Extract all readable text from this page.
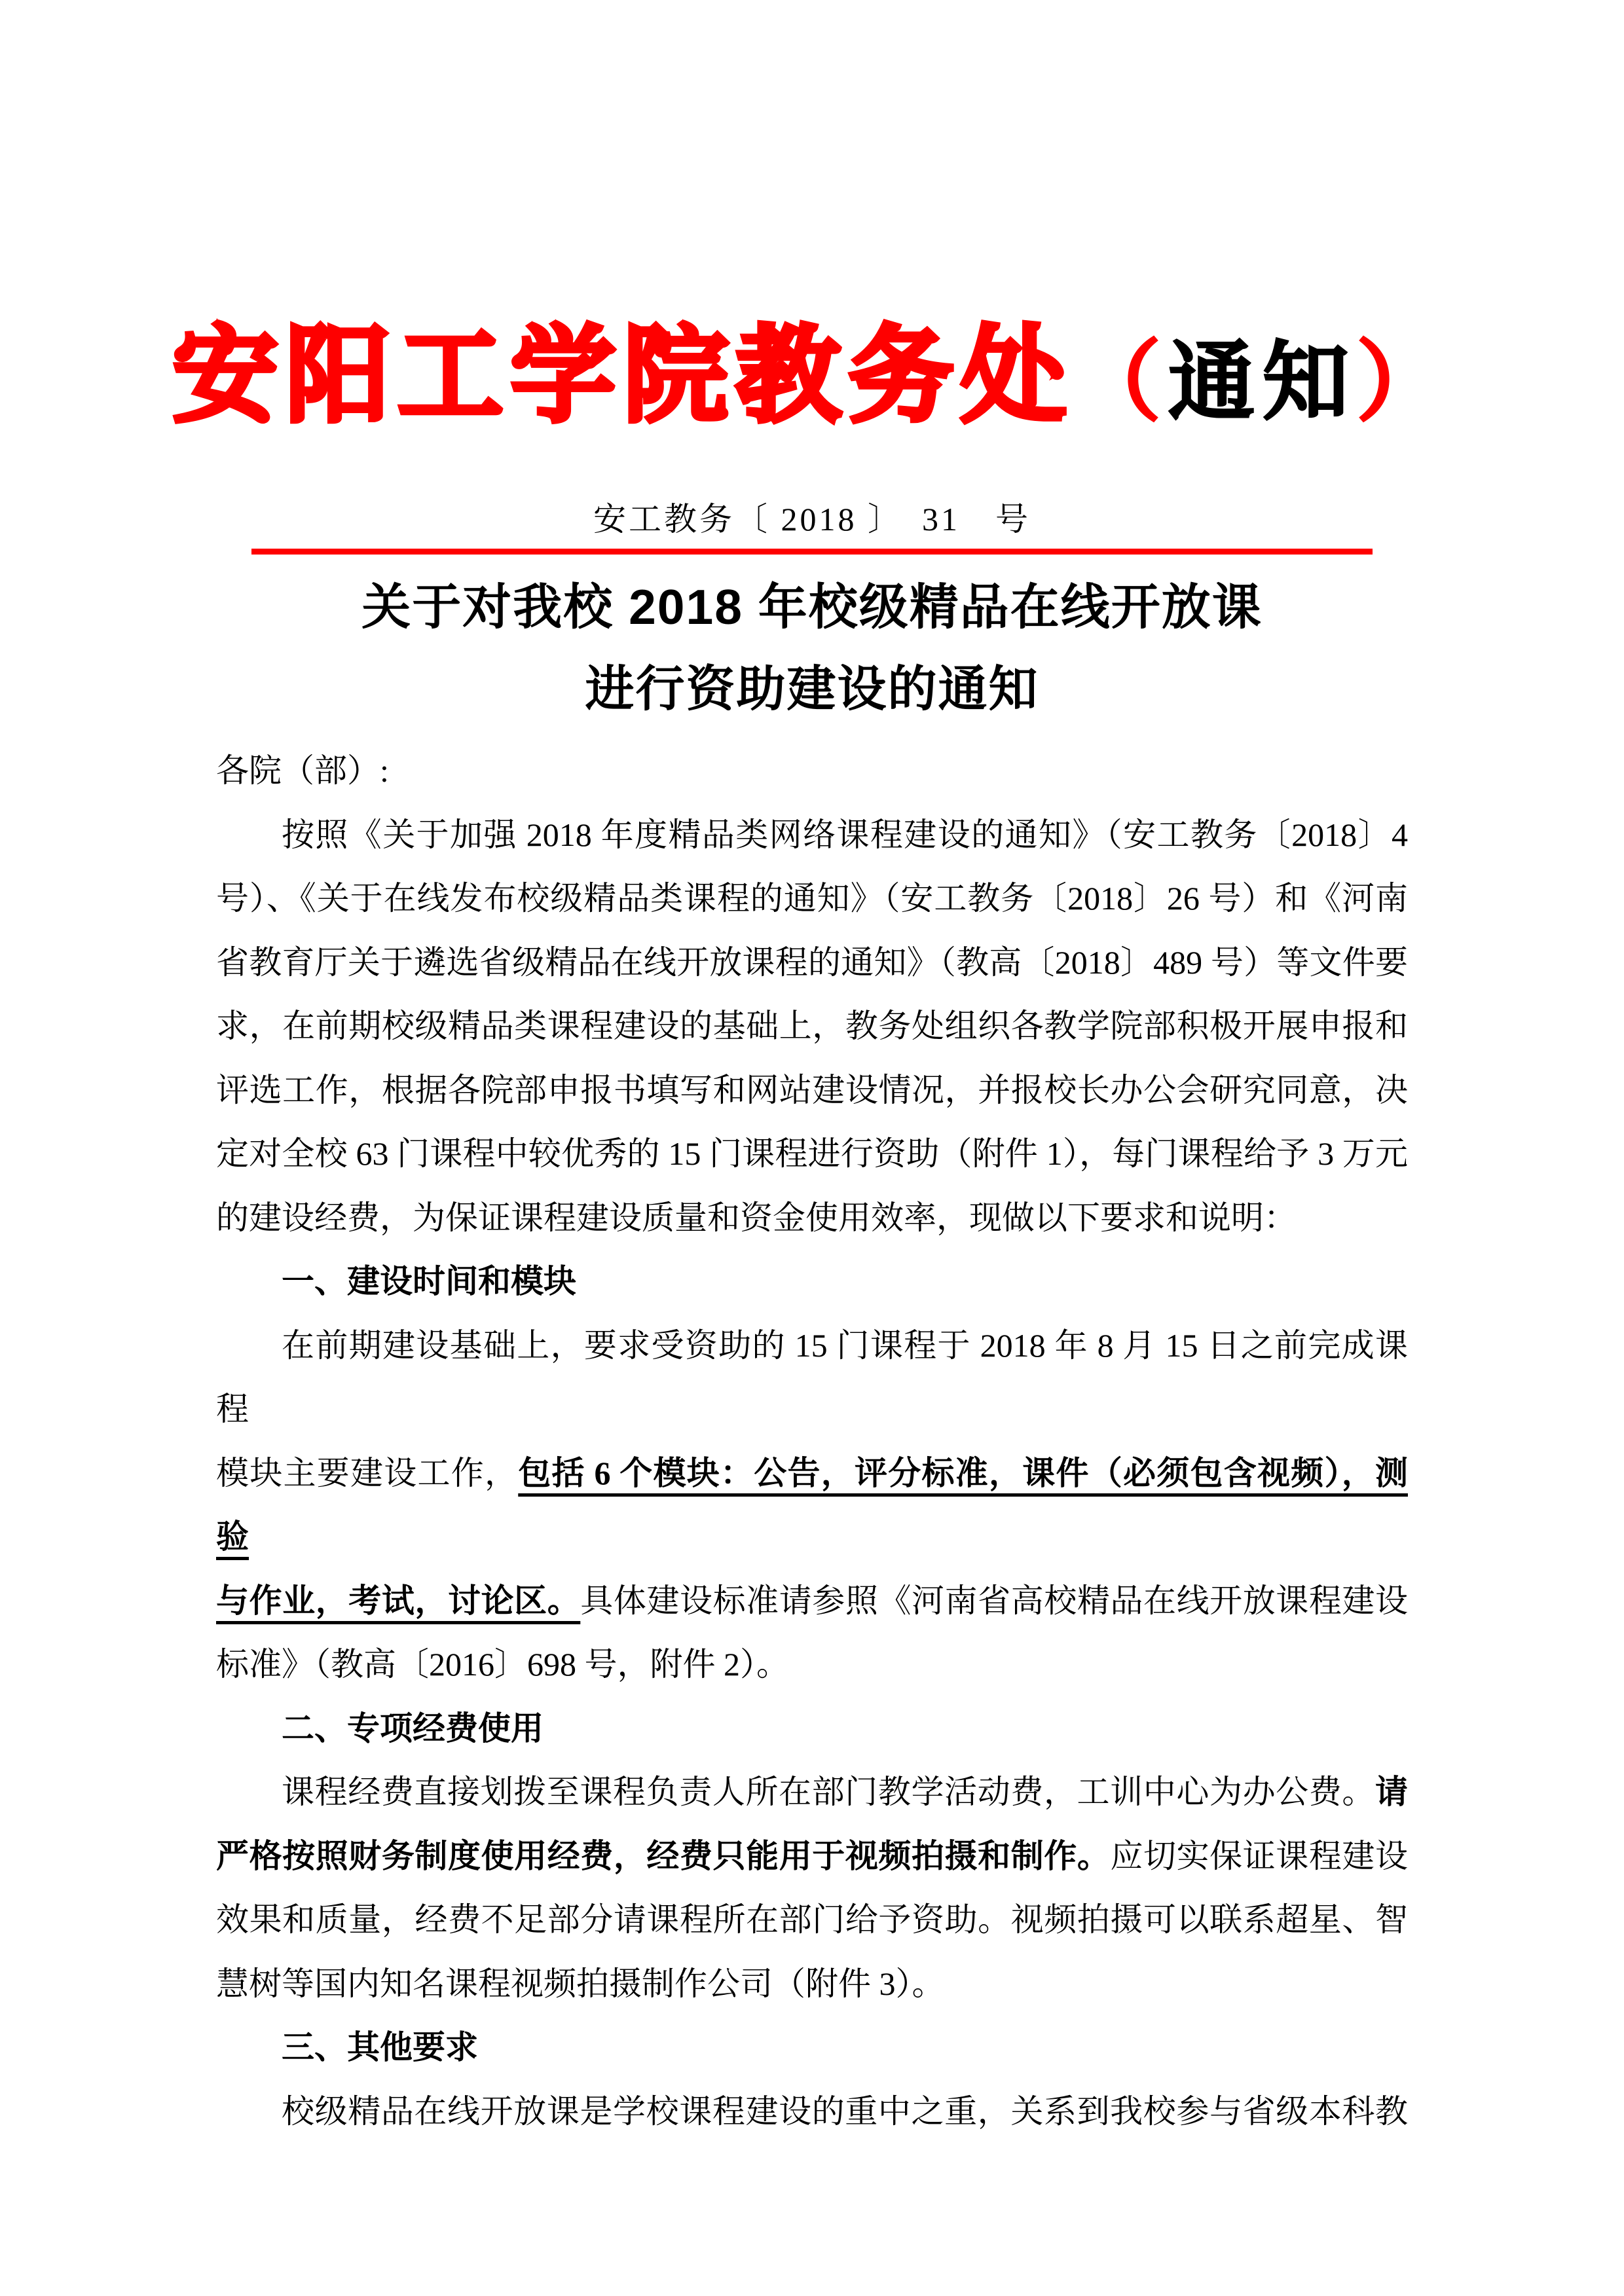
安阳工学院教务处（通知）
安工教务〔 2018 〕　31　号
关于对我校 2018 年校级精品在线开放课
进行资助建设的通知
各院（部）:
按照《关于加强 2018 年度精品类网络课程建设的通知》（安工教务〔2018〕4
号）、《关于在线发布校级精品类课程的通知》（安工教务〔2018〕26 号）和《河南
省教育厅关于遴选省级精品在线开放课程的通知》（教高〔2018〕489 号）等文件要
求，在前期校级精品类课程建设的基础上，教务处组织各教学院部积极开展申报和
评选工作，根据各院部申报书填写和网站建设情况，并报校长办公会研究同意，决
定对全校 63 门课程中较优秀的 15 门课程进行资助（附件 1），每门课程给予 3 万元
的建设经费，为保证课程建设质量和资金使用效率，现做以下要求和说明：
一、建设时间和模块
在前期建设基础上，要求受资助的 15 门课程于 2018 年 8 月 15 日之前完成课程
模块主要建设工作，包括 6 个模块：公告，评分标准，课件（必须包含视频），测验
与作业，考试，讨论区。具体建设标准请参照《河南省高校精品在线开放课程建设
标准》（教高〔2016〕698 号，附件 2）。
二、专项经费使用
课程经费直接划拨至课程负责人所在部门教学活动费，工训中心为办公费。请
严格按照财务制度使用经费，经费只能用于视频拍摄和制作。应切实保证课程建设
效果和质量，经费不足部分请课程所在部门给予资助。视频拍摄可以联系超星、智
慧树等国内知名课程视频拍摄制作公司（附件 3）。
三、其他要求
校级精品在线开放课是学校课程建设的重中之重，关系到我校参与省级本科教
